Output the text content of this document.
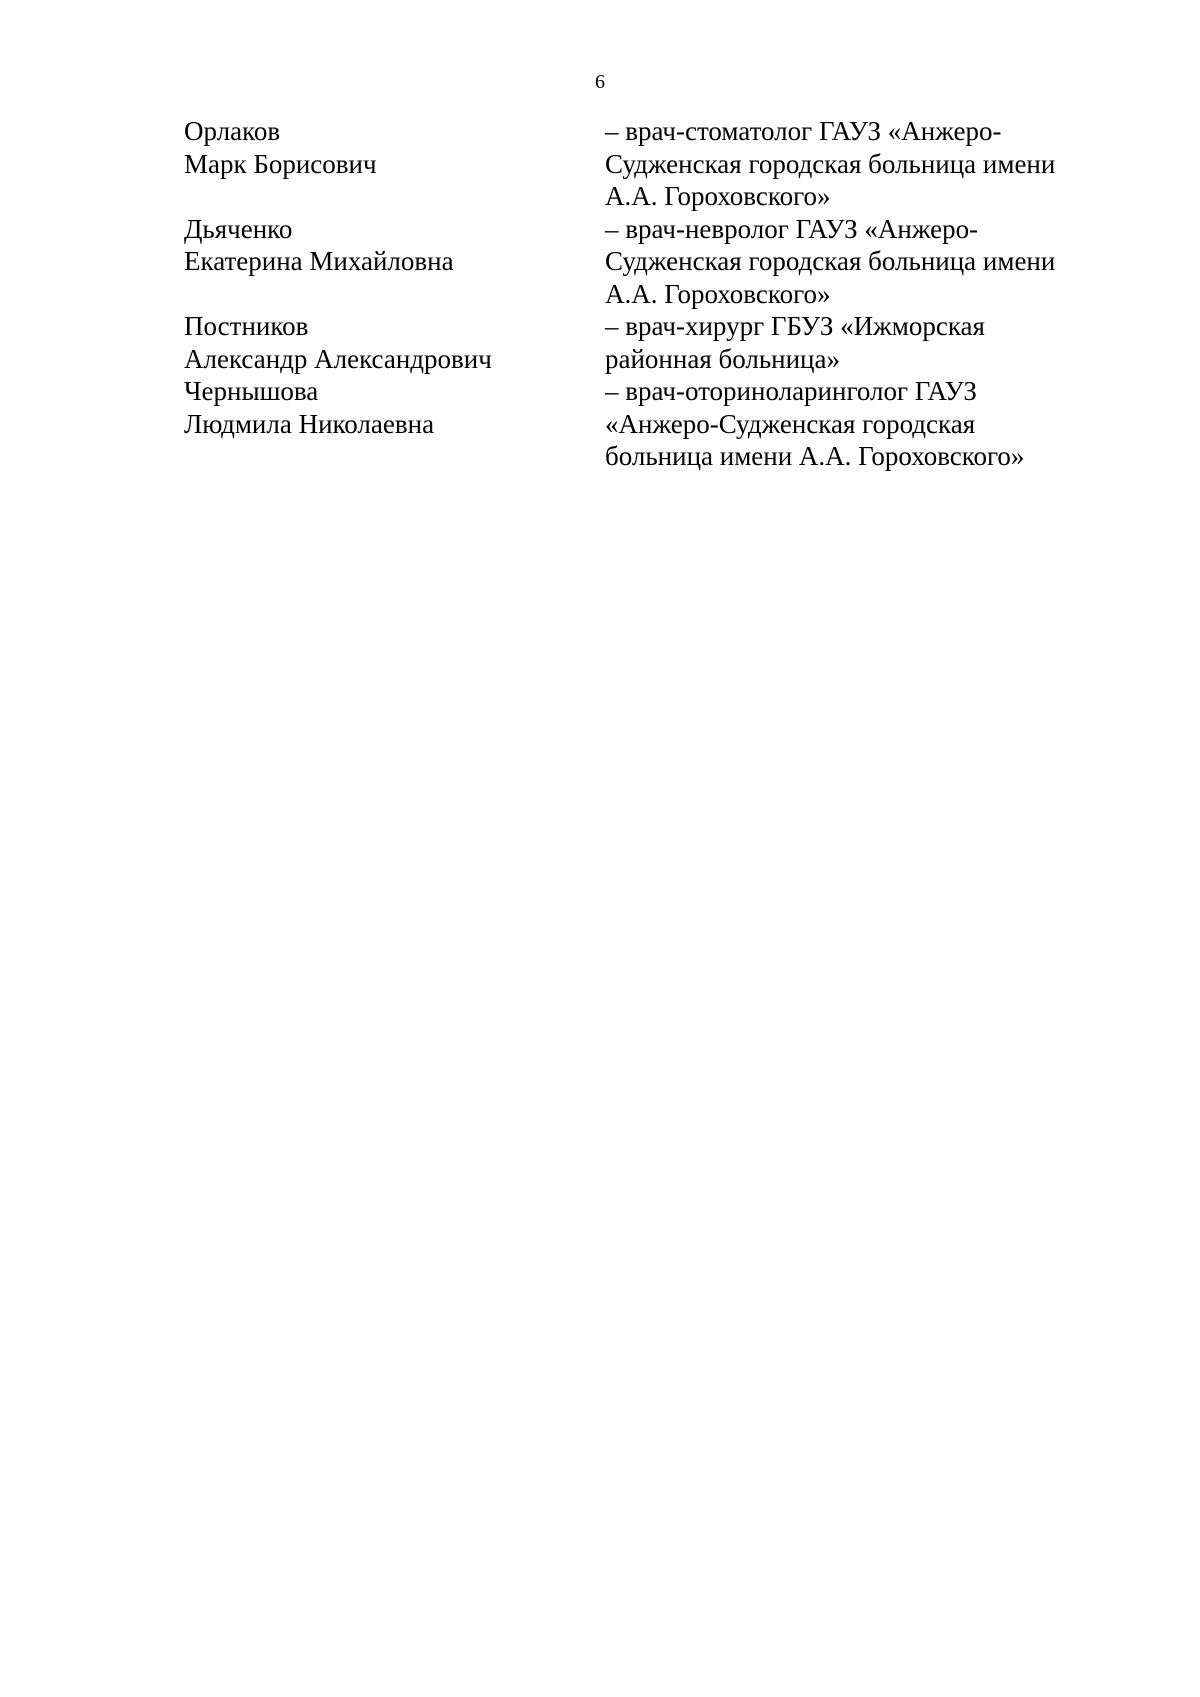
6
Орлаков
Марк Борисович
– врач-стоматолог ГАУЗ «Анжеро-
Судженская городская больница имени
А.А. Гороховского»
Дьяченко
Екатерина Михайловна
– врач-невролог ГАУЗ «Анжеро-
Судженская городская больница имени
А.А. Гороховского»
Постников
Александр Александрович
– врач-хирург ГБУЗ «Ижморская
районная больница»
Чернышова
Людмила Николаевна
– врач-оториноларинголог ГАУЗ
«Анжеро-Судженская городская
больница имени А.А. Гороховского»
